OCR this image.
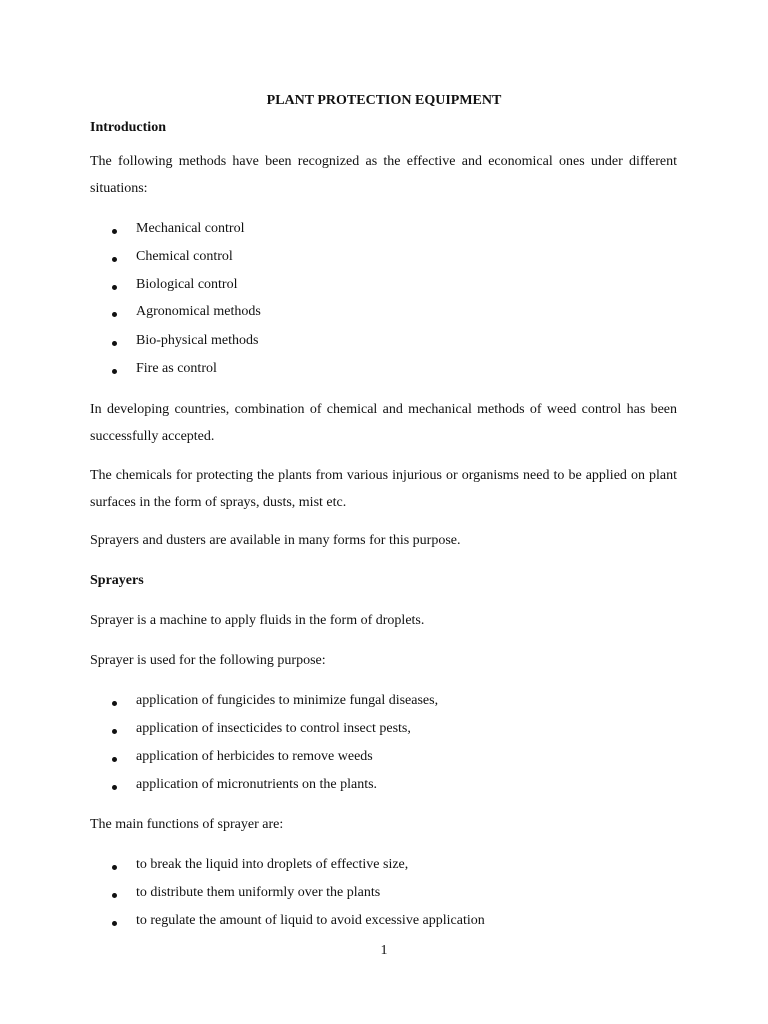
PLANT PROTECTION EQUIPMENT

Introduction

The following methods have been recognized as the effective and economical ones under different situations:

Mechanical control
Chemical control
Biological control
Agronomical methods
Bio-physical methods
Fire as control

In developing countries, combination of chemical and mechanical methods of weed control has been successfully accepted.

The chemicals for protecting the plants from various injurious or organisms need to be applied on plant surfaces in the form of sprays, dusts, mist etc.

Sprayers and dusters are available in many forms for this purpose.

Sprayers

Sprayer is a machine to apply fluids in the form of droplets.

Sprayer is used for the following purpose:

application of fungicides to minimize fungal diseases,
application of insecticides to control insect pests,
application of herbicides to remove weeds
application of micronutrients on the plants.

The main functions of sprayer are:

to break the liquid into droplets of effective size,
to distribute them uniformly over the plants
to regulate the amount of liquid to avoid excessive application

1
